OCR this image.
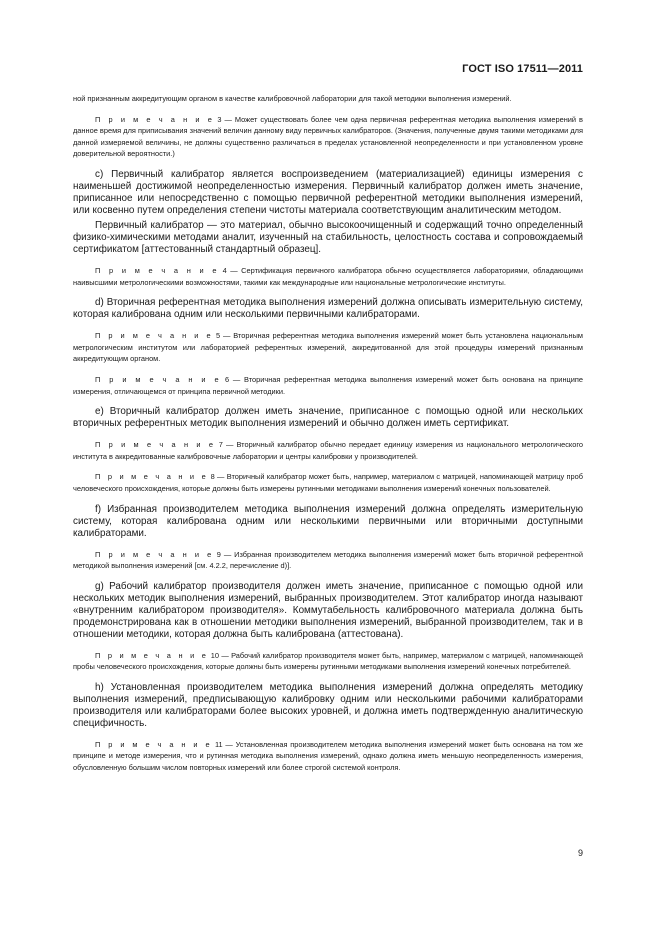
ГОСТ ISO 17511—2011

ной признанным аккредитующим органом в качестве калибровочной лаборатории для такой методики выполнения измерений.

П р и м е ч а н и е 3 — Может существовать более чем одна первичная референтная методика выполнения измерений в данное время для приписывания значений величин данному виду первичных калибраторов. (Значения, полученные двумя такими методиками для данной измеряемой величины, не должны существенно различаться в пределах установленной неопределенности и при установленном уровне доверительной вероятности.)

c) Первичный калибратор является воспроизведением (материализацией) единицы измерения с наименьшей достижимой неопределенностью измерения. Первичный калибратор должен иметь значение, приписанное или непосредственно с помощью первичной референтной методики выполнения измерений, или косвенно путем определения степени чистоты материала соответствующим аналитическим методом.

Первичный калибратор — это материал, обычно высокоочищенный и содержащий точно определенный физико-химическими методами аналит, изученный на стабильность, целостность состава и сопровождаемый сертификатом [аттестованный стандартный образец].

П р и м е ч а н и е 4 — Сертификация первичного калибратора обычно осуществляется лабораториями, обладающими наивысшими метрологическими возможностями, такими как международные или национальные метрологические институты.

d) Вторичная референтная методика выполнения измерений должна описывать измерительную систему, которая калибрована одним или несколькими первичными калибраторами.

П р и м е ч а н и е 5 — Вторичная референтная методика выполнения измерений может быть установлена национальным метрологическим институтом или лабораторией референтных измерений, аккредитованной для этой процедуры измерений признанным аккредитующим органом.

П р и м е ч а н и е 6 — Вторичная референтная методика выполнения измерений может быть основана на принципе измерения, отличающемся от принципа первичной методики.

e) Вторичный калибратор должен иметь значение, приписанное с помощью одной или нескольких вторичных референтных методик выполнения измерений и обычно должен иметь сертификат.

П р и м е ч а н и е 7 — Вторичный калибратор обычно передает единицу измерения из национального метрологического института в аккредитованные калибровочные лаборатории и центры калибровки у производителей.

П р и м е ч а н и е 8 — Вторичный калибратор может быть, например, материалом с матрицей, напоминающей матрицу проб человеческого происхождения, которые должны быть измерены рутинными методиками выполнения измерений конечных пользователей.

f) Избранная производителем методика выполнения измерений должна определять измерительную систему, которая калибрована одним или несколькими первичными или вторичными доступными калибраторами.

П р и м е ч а н и е 9 — Избранная производителем методика выполнения измерений может быть вторичной референтной методикой выполнения измерений [см. 4.2.2, перечисление d)].

g) Рабочий калибратор производителя должен иметь значение, приписанное с помощью одной или нескольких методик выполнения измерений, выбранных производителем. Этот калибратор иногда называют «внутренним калибратором производителя». Коммутабельность калибровочного материала должна быть продемонстрирована как в отношении методики выполнения измерений, выбранной производителем, так и в отношении методики, которая должна быть калибрована (аттестована).

П р и м е ч а н и е 10 — Рабочий калибратор производителя может быть, например, материалом с матрицей, напоминающей пробы человеческого происхождения, которые должны быть измерены рутинными методиками выполнения измерений конечных потребителей.

h) Установленная производителем методика выполнения измерений должна определять методику выполнения измерений, предписывающую калибровку одним или несколькими рабочими калибраторами производителя или калибраторами более высоких уровней, и должна иметь подтвержденную аналитическую специфичность.

П р и м е ч а н и е 11 — Установленная производителем методика выполнения измерений может быть основана на том же принципе и методе измерения, что и рутинная методика выполнения измерений, однако должна иметь меньшую неопределенность измерения, обусловленную большим числом повторных измерений или более строгой системой контроля.

9
